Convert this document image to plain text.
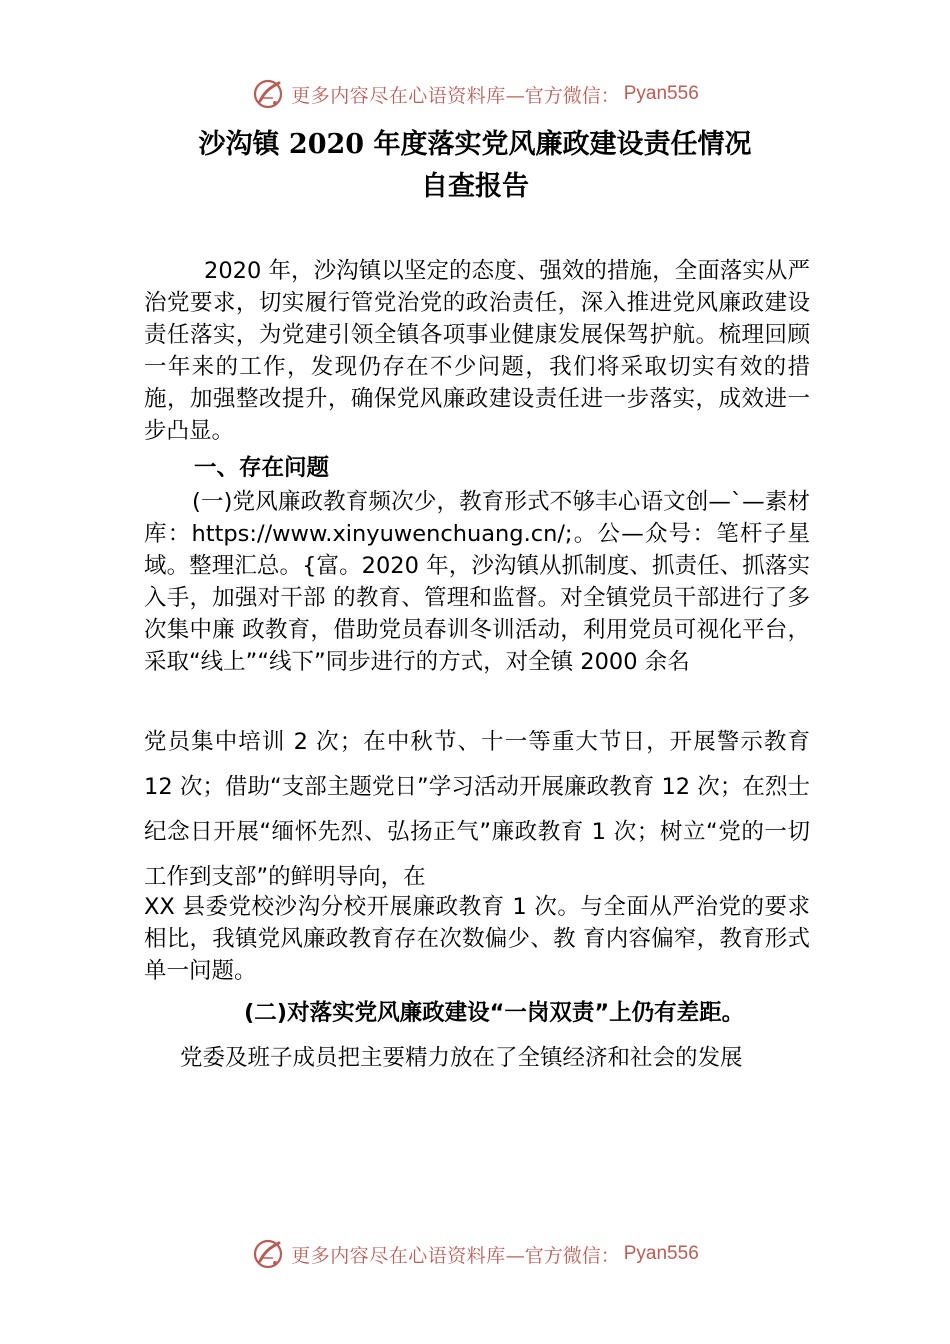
更多内容尽在心语资料库 —官方微信： Pyan556
沙沟镇 2020 年度落实党风廉政建设责任情况
自查报告

2020 年，沙沟镇以坚定的态度、强效的措施，全面落实从严治党要求，切实履行管党治党的政治责任，深入推进党风廉政建设责任落实，为党建引领全镇各项事业健康发展保驾护航。梳理回顾一年来的工作，发现仍存在不少问题，我们将采取切实有效的措施，加强整改提升，确保党风廉政建设责任进一步落实，成效进一步凸显。

一、存在问题

(一)党风廉政教育频次少，教育形式不够丰心语文创—`—素材库：https://www.xinyuwenchuang.cn/;。公—众号：笔杆子星域。整理汇总。{富。2020 年，沙沟镇从抓制度、抓责任、抓落实入手，加强对干部 的教育、管理和监督。对全镇党员干部进行了多次集中廉 政教育，借助党员春训冬训活动，利用党员可视化平台， 采取“线上”“线下”同步进行的方式，对全镇 2000 余名

党员集中培训 2 次；在中秋节、十一等重大节日，开展警示教育 12 次；借助“支部主题党日”学习活动开展廉政教育 12 次；在烈士纪念日开展“缅怀先烈、弘扬正气”廉政教育 1 次；树立“党的一切工作到支部”的鲜明导向，在

XX 县委党校沙沟分校开展廉政教育 1 次。与全面从严治党的要求相比，我镇党风廉政教育存在次数偏少、教 育内容偏窄，教育形式单一问题。

(二)对落实党风廉政建设“一岗双责”上仍有差距。

党委及班子成员把主要精力放在了全镇经济和社会的发展

更多内容尽在心语资料库 —官方微信： Pyan556
